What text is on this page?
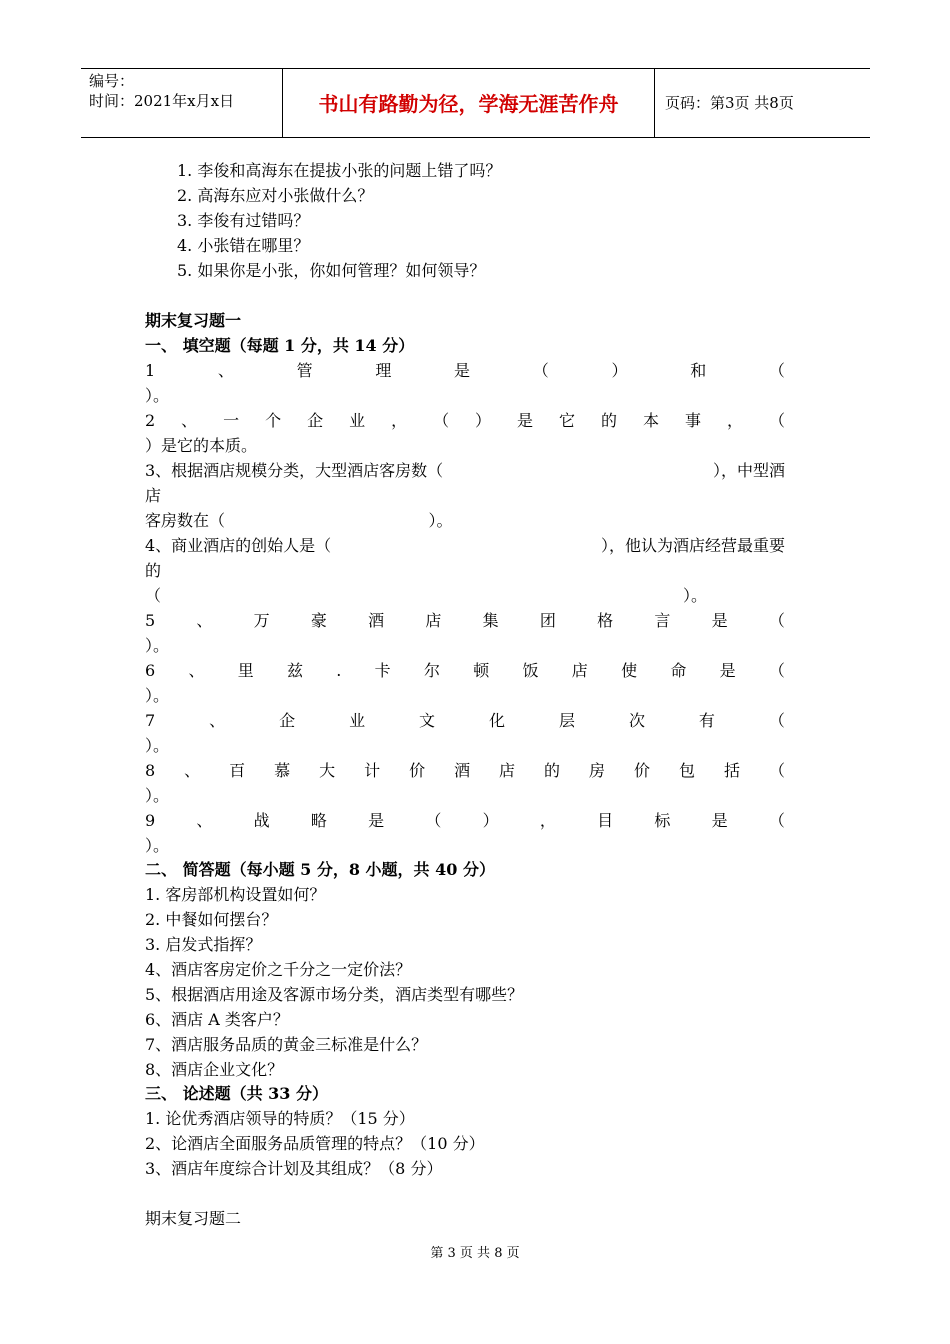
编号：
时间：2021年x月x日	书山有路勤为径，学海无涯苦作舟	页码：第3页 共8页
1. 李俊和高海东在提拔小张的问题上错了吗？
2. 高海东应对小张做什么？
3. 李俊有过错吗？
4. 小张错在哪里？
5. 如果你是小张，你如何管理？如何领导？
期末复习题一
一、 填空题（每题 1 分，共 14 分）
1	、	管	理	是	（	）	和	（
）。
2 、 一 个 企 业 ， （ ） 是 它 的 本 事 ， （
）是它的本质。
3、根据酒店规模分类，大型酒店客房数（	），中型酒
店
客房数在（                                        ）。
4、商业酒店的创始人是（	），他认为酒店经营最重要
的
（	）。
5	、	万	豪	酒	店	集	团	格	言	是	（
）。
6 、 里 兹 . 卡 尔 顿 饭 店 使 命 是 （
）。
7	、	企	业	文	化	层	次	有	（
）。
8 、 百 慕 大 计 价 酒 店 的 房 价 包 括 （
）。
9	、	战	略	是	（	）	，	目	标	是	（
）。
二、 简答题（每小题 5 分，8 小题，共 40 分）
1. 客房部机构设置如何？
2. 中餐如何摆台？
3. 启发式指挥？
4、酒店客房定价之千分之一定价法？
5、根据酒店用途及客源市场分类，酒店类型有哪些？
6、酒店 A 类客户？
7、酒店服务品质的黄金三标准是什么？
8、酒店企业文化？
三、 论述题（共 33 分）
1. 论优秀酒店领导的特质？（15 分）
2、论酒店全面服务品质管理的特点？（10 分）
3、酒店年度综合计划及其组成？（8 分）
期末复习题二
第 3 页 共 8 页
